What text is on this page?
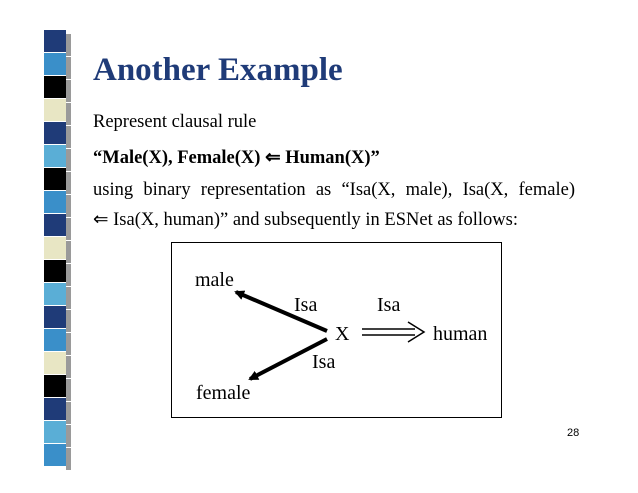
Another Example
Represent clausal rule
“Male(X), Female(X) ⇐ Human(X)”
using binary representation as “Isa(X, male), Isa(X, female)
⇐ Isa(X, human)” and subsequently in ESNet as follows:
male
female
X	human
Isa
Isa
Isa
28
